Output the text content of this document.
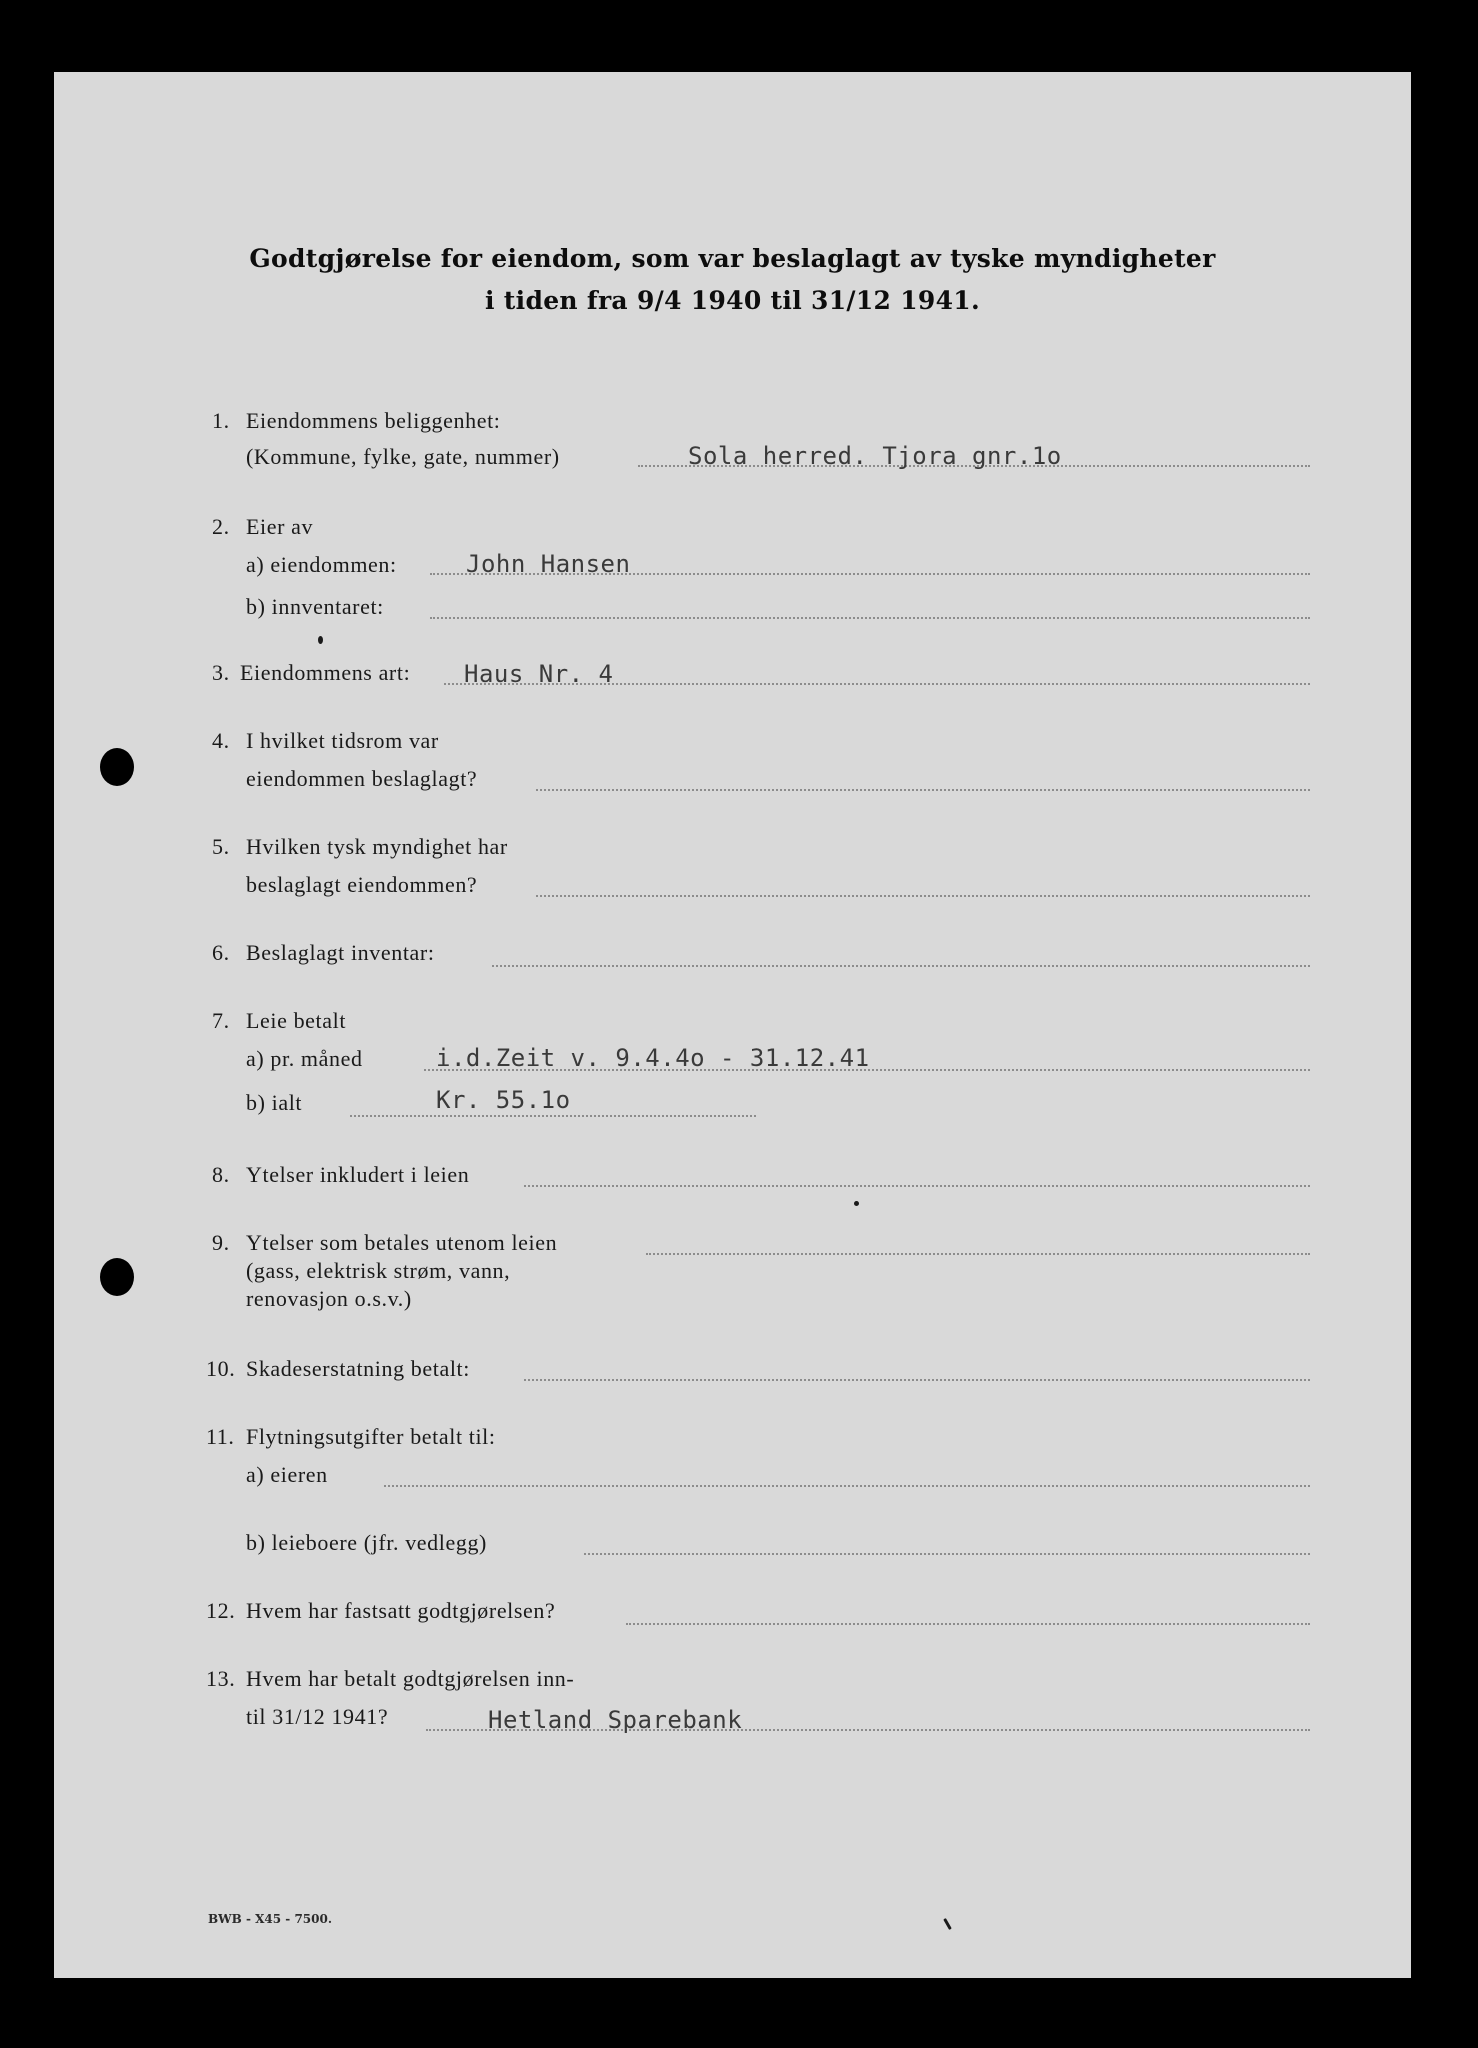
Godtgjørelse for eiendom, som var beslaglagt av tyske myndigheter
i tiden fra 9/4 1940 til 31/12 1941.
1. Eiendommens beliggenhet:
(Kommune, fylke, gate, nummer)	Sola herred. Tjora gnr.1o
2. Eier av
a) eiendommen:	John Hansen
b) innventaret:
3. Eiendommens art: Haus Nr. 4
4. I hvilket tidsrom var
eiendommen beslaglagt?
5. Hvilken tysk myndighet har
beslaglagt eiendommen?
6. Beslaglagt inventar:
7. Leie betalt
a) pr. måned	i.d.Zeit v. 9.4.4o - 31.12.41
b) ialt	Kr. 55.1o
8. Ytelser inkludert i leien
9. Ytelser som betales utenom leien
(gass, elektrisk strøm, vann,
renovasjon o.s.v.)
10. Skadeserstatning betalt:
11. Flytningsutgifter betalt til:
a) eieren
b) leieboere (jfr. vedlegg)
12. Hvem har fastsatt godtgjørelsen?
13. Hvem har betalt godtgjørelsen inn-
til 31/12 1941?	Hetland Sparebank
BWB - X45 - 7500.
